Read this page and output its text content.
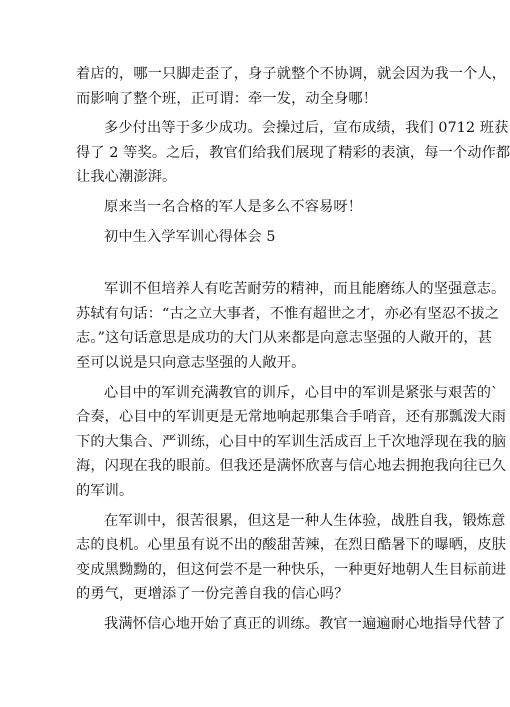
着店的，哪一只脚走歪了，身子就整个不协调，就会因为我一个人，
而影响了整个班，正可谓：牵一发，动全身哪！
多少付出等于多少成功。会操过后，宣布成绩，我们 0712 班获
得了 2 等奖。之后，教官们给我们展现了精彩的表演，每一个动作都
让我心潮澎湃。
原来当一名合格的军人是多么不容易呀！
初中生入学军训心得体会 5
军训不但培养人有吃苦耐劳的精神，而且能磨练人的坚强意志。
苏轼有句话：“古之立大事者，不惟有超世之才，亦必有坚忍不拔之
志。”这句话意思是成功的大门从来都是向意志坚强的人敞开的，甚
至可以说是只向意志坚强的人敞开。
心目中的军训充满教官的训斥，心目中的军训是紧张与艰苦的`
合奏，心目中的军训更是无常地响起那集合手哨音，还有那瓢泼大雨
下的大集合、严训练，心目中的军训生活成百上千次地浮现在我的脑
海，闪现在我的眼前。但我还是满怀欣喜与信心地去拥抱我向往已久
的军训。
在军训中，很苦很累，但这是一种人生体验，战胜自我，锻炼意
志的良机。心里虽有说不出的酸甜苦辣，在烈日酷暑下的曝晒，皮肤
变成黑黝黝的，但这何尝不是一种快乐，一种更好地朝人生目标前进
的勇气，更增添了一份完善自我的信心吗？
我满怀信心地开始了真正的训练。教官一遍遍耐心地指导代替了
